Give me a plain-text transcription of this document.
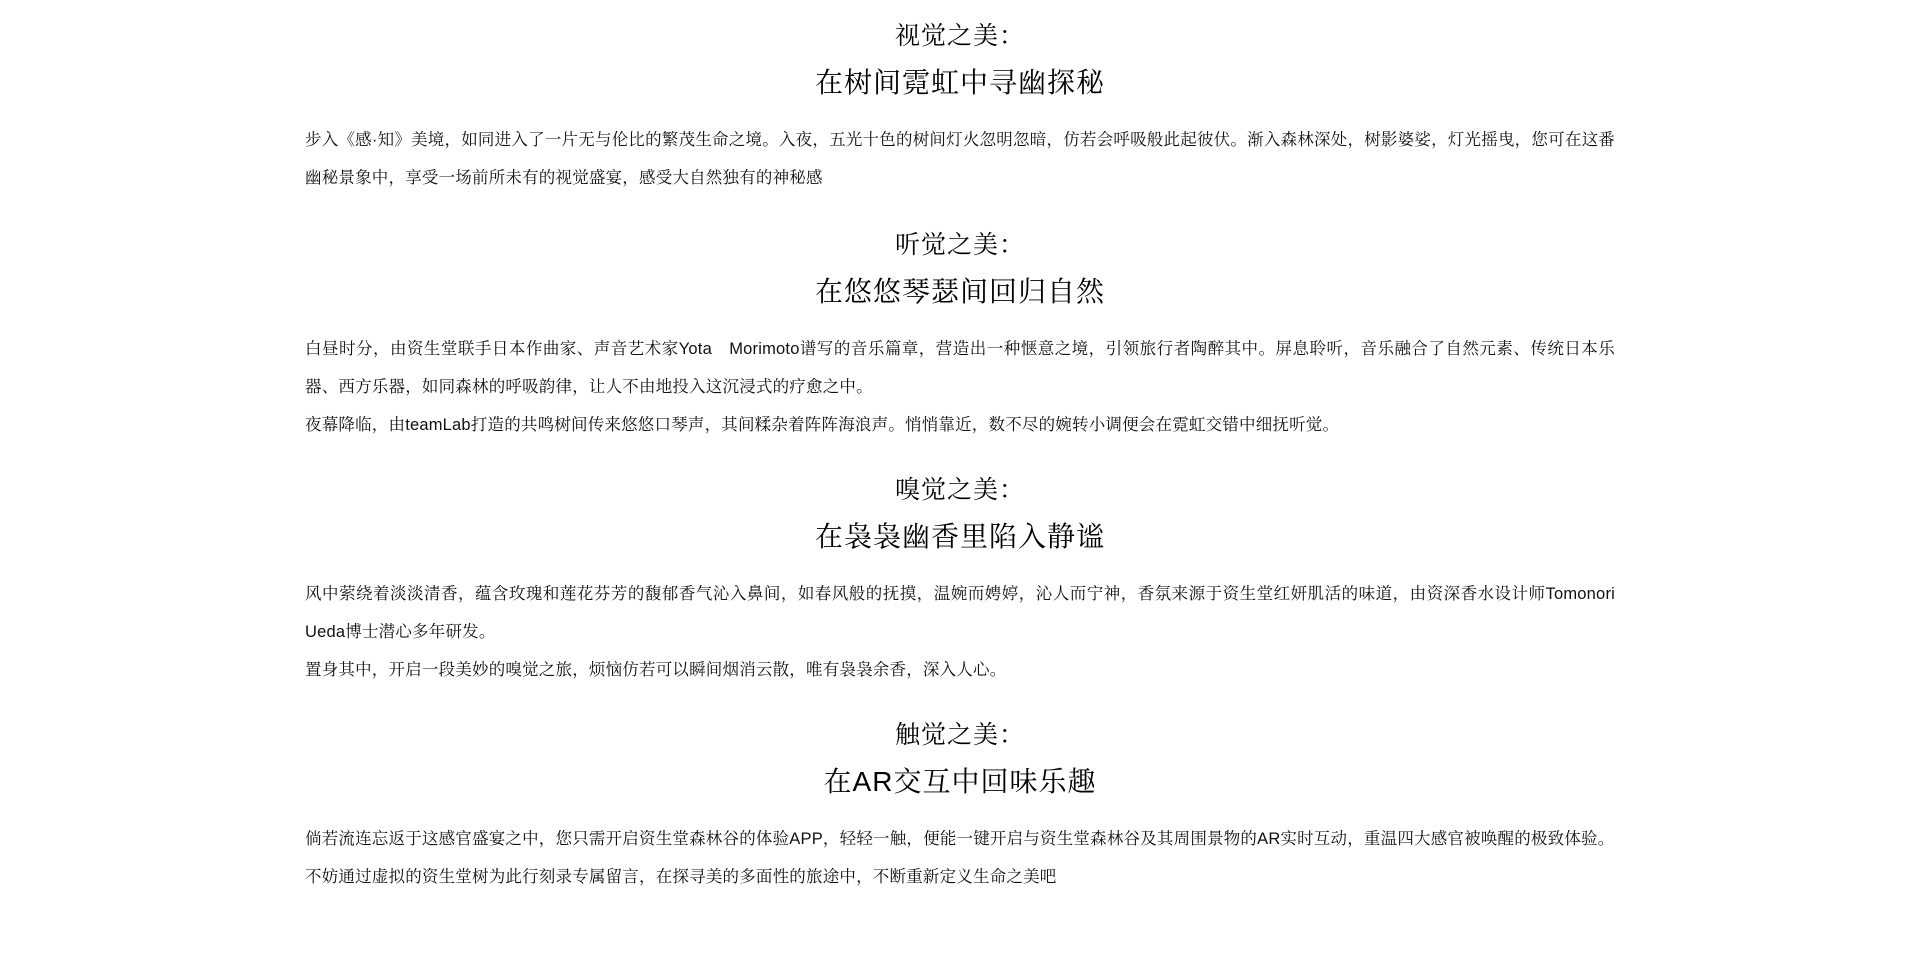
视觉之美：
在树间霓虹中寻幽探秘

步入《感·知》美境，如同进入了一片无与伦比的繁茂生命之境。入夜，五光十色的树间灯火忽明忽暗，仿若会呼吸般此起彼伏。渐入森林深处，树影婆娑，灯光摇曳，您可在这番幽秘景象中，享受一场前所未有的视觉盛宴，感受大自然独有的神秘感

听觉之美：
在悠悠琴瑟间回归自然

白昼时分，由资生堂联手日本作曲家、声音艺术家Yota　Morimoto谱写的音乐篇章，营造出一种惬意之境，引领旅行者陶醉其中。屏息聆听，音乐融合了自然元素、传统日本乐器、西方乐器，如同森林的呼吸韵律，让人不由地投入这沉浸式的疗愈之中。

夜幕降临，由teamLab打造的共鸣树间传来悠悠口琴声，其间糅杂着阵阵海浪声。悄悄靠近，数不尽的婉转小调便会在霓虹交错中细抚听觉。

嗅觉之美：
在袅袅幽香里陷入静谧

风中萦绕着淡淡清香，蕴含玫瑰和莲花芬芳的馥郁香气沁入鼻间，如春风般的抚摸，温婉而娉婷，沁人而宁神，香氛来源于资生堂红妍肌活的味道，由资深香水设计师Tomonori Ueda博士潜心多年研发。

置身其中，开启一段美妙的嗅觉之旅，烦恼仿若可以瞬间烟消云散，唯有袅袅余香，深入人心。

触觉之美：
在AR交互中回味乐趣

倘若流连忘返于这感官盛宴之中，您只需开启资生堂森林谷的体验APP，轻轻一触，便能一键开启与资生堂森林谷及其周围景物的AR实时互动，重温四大感官被唤醒的极致体验。

不妨通过虚拟的资生堂树为此行刻录专属留言，在探寻美的多面性的旅途中，不断重新定义生命之美吧
